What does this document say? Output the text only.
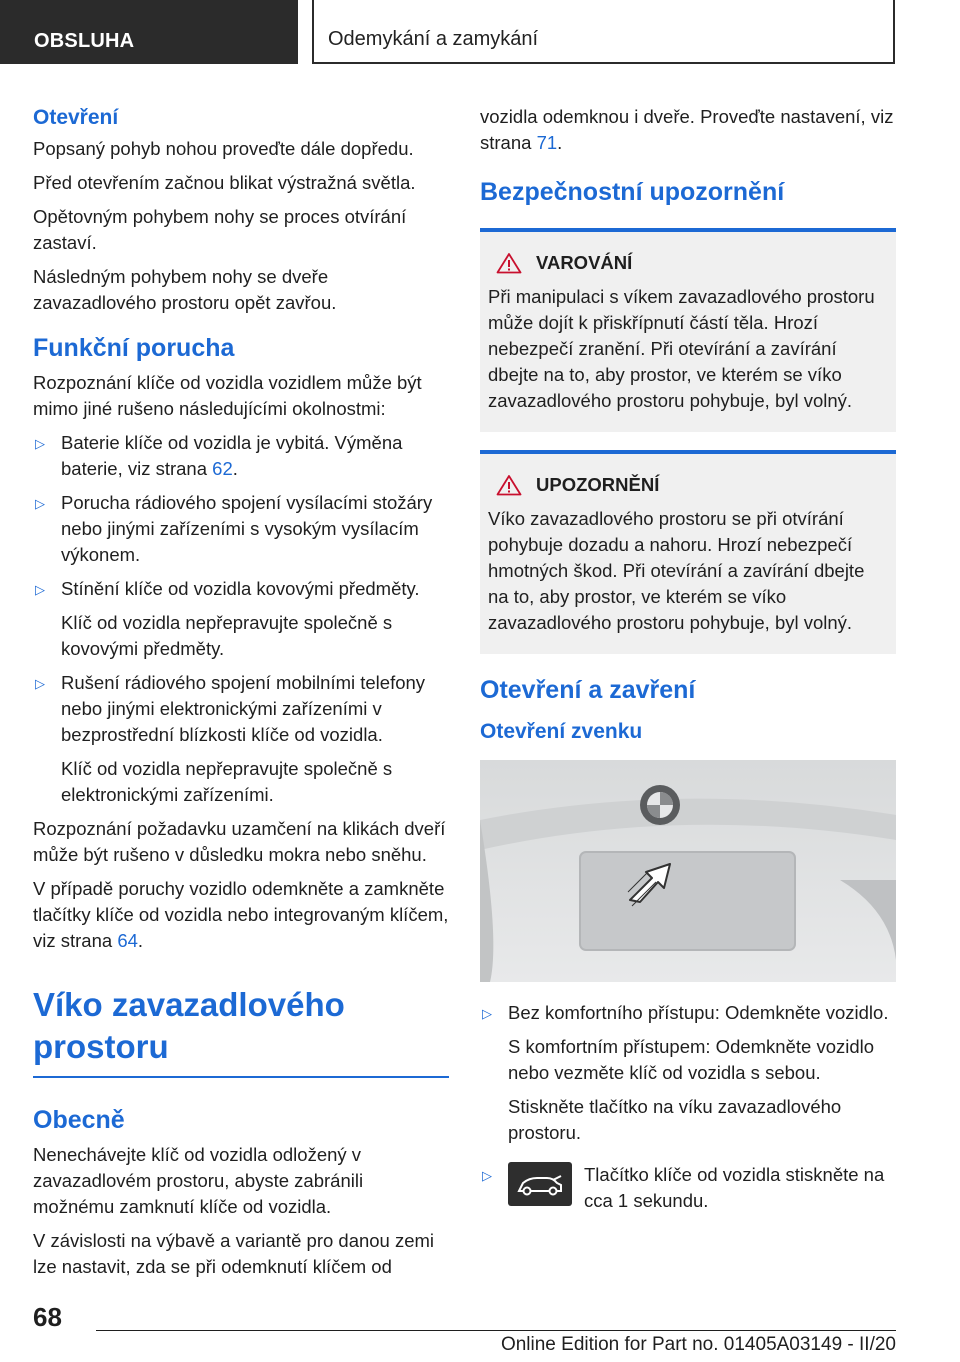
OBSLUHA	Odemykání a zamykání
Otevření
Popsaný pohyb nohou proveďte dále dopředu.
Před otevřením začnou blikat výstražná světla.
Opětovným pohybem nohy se proces otvírání zastaví.
Následným pohybem nohy se dveře zavazadlového prostoru opět zavřou.
Funkční porucha
Rozpoznání klíče od vozidla vozidlem může být mimo jiné rušeno následujícími okolnostmi:
▷ Baterie klíče od vozidla je vybitá. Výměna baterie, viz strana 62.
▷ Porucha rádiového spojení vysílacími stožáry nebo jinými zařízeními s vysokým vysílacím výkonem.
▷ Stínění klíče od vozidla kovovými předměty.
Klíč od vozidla nepřepravujte společně s kovovými předměty.
▷ Rušení rádiového spojení mobilními telefony nebo jinými elektronickými zařízeními v bezprostřední blízkosti klíče od vozidla.
Klíč od vozidla nepřepravujte společně s elektronickými zařízeními.
Rozpoznání požadavku uzamčení na klikách dveří může být rušeno v důsledku mokra nebo sněhu.
V případě poruchy vozidlo odemkněte a zamkněte tlačítky klíče od vozidla nebo integrovaným klíčem, viz strana 64.
Víko zavazadlového prostoru
Obecně
Nenechávejte klíč od vozidla odložený v zavazadlovém prostoru, abyste zabránili možnému zamknutí klíče od vozidla.
V závislosti na výbavě a variantě pro danou zemi lze nastavit, zda se při odemknutí klíčem od
vozidla odemknou i dveře. Proveďte nastavení, viz strana 71.
Bezpečnostní upozornění
VAROVÁNÍ
Při manipulaci s víkem zavazadlového prostoru může dojít k přiskřípnutí částí těla. Hrozí nebezpečí zranění. Při otevírání a zavírání dbejte na to, aby prostor, ve kterém se víko zavazadlového prostoru pohybuje, byl volný.
UPOZORNĚNÍ
Víko zavazadlového prostoru se při otvírání pohybuje dozadu a nahoru. Hrozí nebezpečí hmotných škod. Při otevírání a zavírání dbejte na to, aby prostor, ve kterém se víko zavazadlového prostoru pohybuje, byl volný.
Otevření a zavření
Otevření zvenku
▷ Bez komfortního přístupu: Odemkněte vozidlo.
S komfortním přístupem: Odemkněte vozidlo nebo vezměte klíč od vozidla s sebou.
Stiskněte tlačítko na víku zavazadlového prostoru.
▷	Tlačítko klíče od vozidla stiskněte na cca 1 sekundu.
68
Online Edition for Part no. 01405A03149 - II/20
